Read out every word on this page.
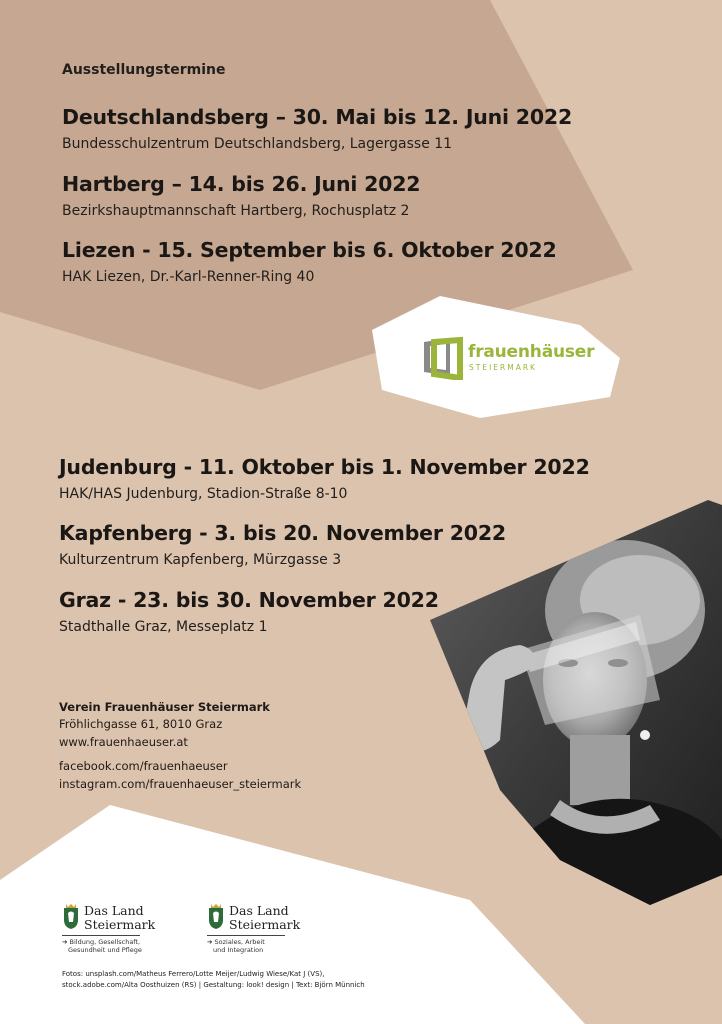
Ausstellungstermine
Deutschlandsberg – 30. Mai bis 12. Juni 2022
Bundesschulzentrum Deutschlandsberg, Lagergasse 11
Hartberg – 14. bis 26. Juni 2022
Bezirkshauptmannschaft Hartberg, Rochusplatz 2
Liezen - 15. September bis 6. Oktober 2022
HAK Liezen, Dr.-Karl-Renner-Ring 40
frauenhäuser
STEIERMARK
Judenburg - 11. Oktober bis 1. November 2022
HAK/HAS Judenburg, Stadion-Straße 8-10
Kapfenberg - 3. bis 20. November 2022
Kulturzentrum Kapfenberg, Mürzgasse 3
Graz - 23. bis 30. November 2022
Stadthalle Graz, Messeplatz 1
Verein Frauenhäuser Steiermark
Fröhlichgasse 61, 8010 Graz
www.frauenhaeuser.at
facebook.com/frauenhaeuser
instagram.com/frauenhaeuser_steiermark
Das Land
Steiermark
➔ Bildung, Gesellschaft,
Gesundheit und Pflege
Das Land
Steiermark
➔ Soziales, Arbeit
und Integration
Fotos: unsplash.com/Matheus Ferrero/Lotte Meijer/Ludwig Wiese/Kat J (VS),
stock.adobe.com/Alta Oosthuizen (RS) | Gestaltung: look! design | Text: Björn Münnich
